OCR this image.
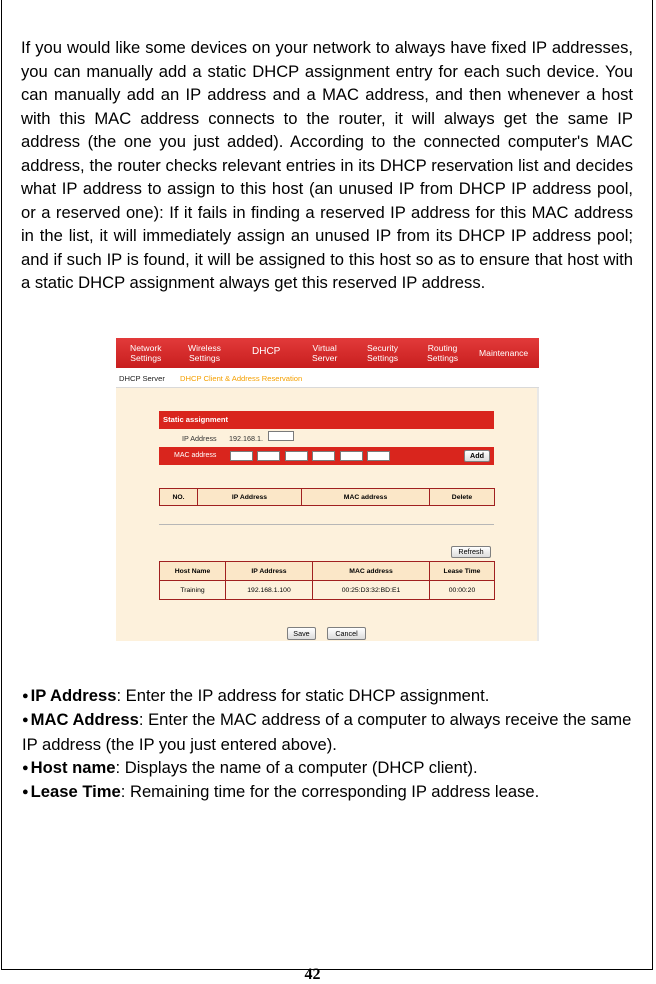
If you would like some devices on your network to always have fixed IP addresses, you can manually add a static DHCP assignment entry for each such device. You can manually add an IP address and a MAC address, and then whenever a host with this MAC address connects to the router, it will always get the same IP address (the one you just added). According to the connected computer's MAC address, the router checks relevant entries in its DHCP reservation list and decides what IP address to assign to this host (an unused IP from DHCP IP address pool, or a reserved one): If it fails in finding a reserved IP address for this MAC address in the list, it will immediately assign an unused IP from its DHCP IP address pool; and if such IP is found, it will be assigned to this host so as to ensure that host with a static DHCP assignment always get this reserved IP address.

Network
Settings
Wireless
Settings
DHCP	Virtual
Server
Security
Settings
Routing
Settings Maintenance
DHCP Server DHCP Client & Address Reservation
Static assignment
IP Address 192.168.1.
MAC address	Add
NO.	IP Address	MAC address	Delete
Refresh
Host Name	IP Address	MAC address	Lease Time
Training	192.168.1.100	00:25:D3:32:BD:E1	00:00:20
Save	Cancel
● IP Address: Enter the IP address for static DHCP assignment.
● MAC Address: Enter the MAC address of a computer to always receive the same IP address (the IP you just entered above).
● Host name: Displays the name of a computer (DHCP client).
● Lease Time: Remaining time for the corresponding IP address lease.
42
